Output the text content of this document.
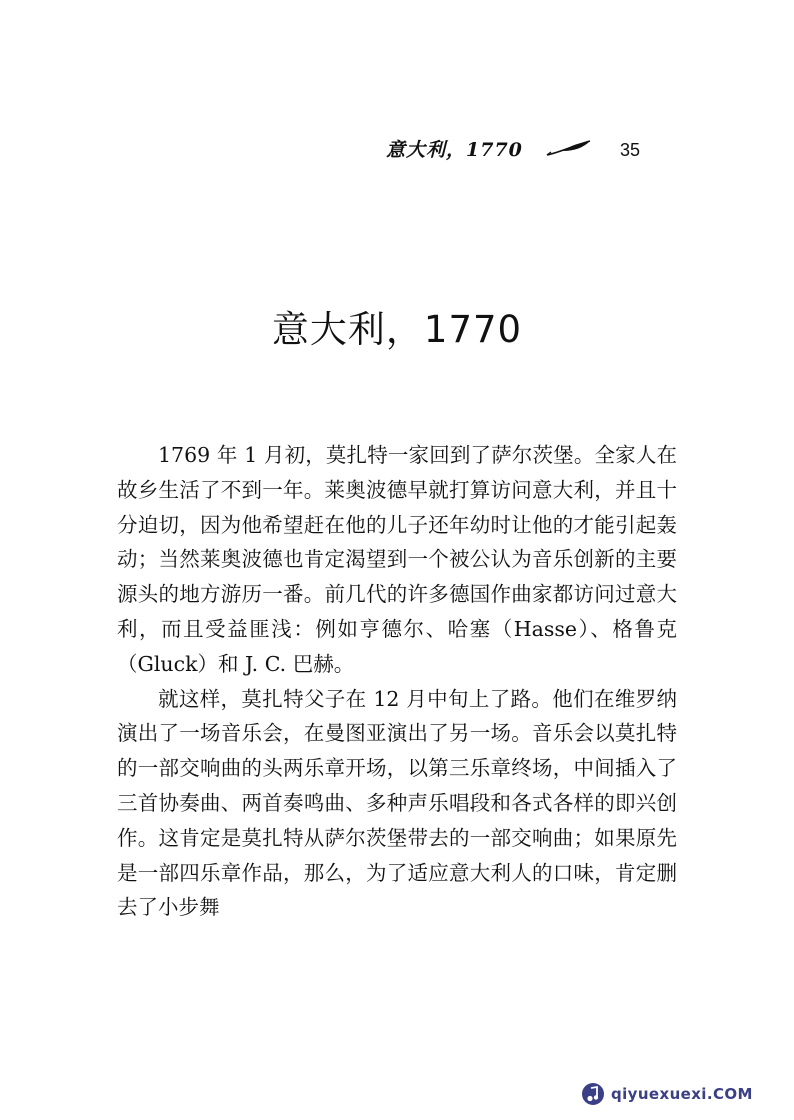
意大利，1770	35
意大利，1770

1769 年 1 月初，莫扎特一家回到了萨尔茨堡。全家人在故乡生活了不到一年。莱奥波德早就打算访问意大利，并且十分迫切，因为他希望赶在他的儿子还年幼时让他的才能引起轰动；当然莱奥波德也肯定渴望到一个被公认为音乐创新的主要源头的地方游历一番。前几代的许多德国作曲家都访问过意大利，而且受益匪浅：例如亨德尔、哈塞（Hasse）、格鲁克（Gluck）和 J. C. 巴赫。

就这样，莫扎特父子在 12 月中旬上了路。他们在维罗纳演出了一场音乐会，在曼图亚演出了另一场。音乐会以莫扎特的一部交响曲的头两乐章开场，以第三乐章终场，中间插入了三首协奏曲、两首奏鸣曲、多种声乐唱段和各式各样的即兴创作。这肯定是莫扎特从萨尔茨堡带去的一部交响曲；如果原先是一部四乐章作品，那么，为了适应意大利人的口味，肯定删去了小步舞

qiyuexuexi.COM
